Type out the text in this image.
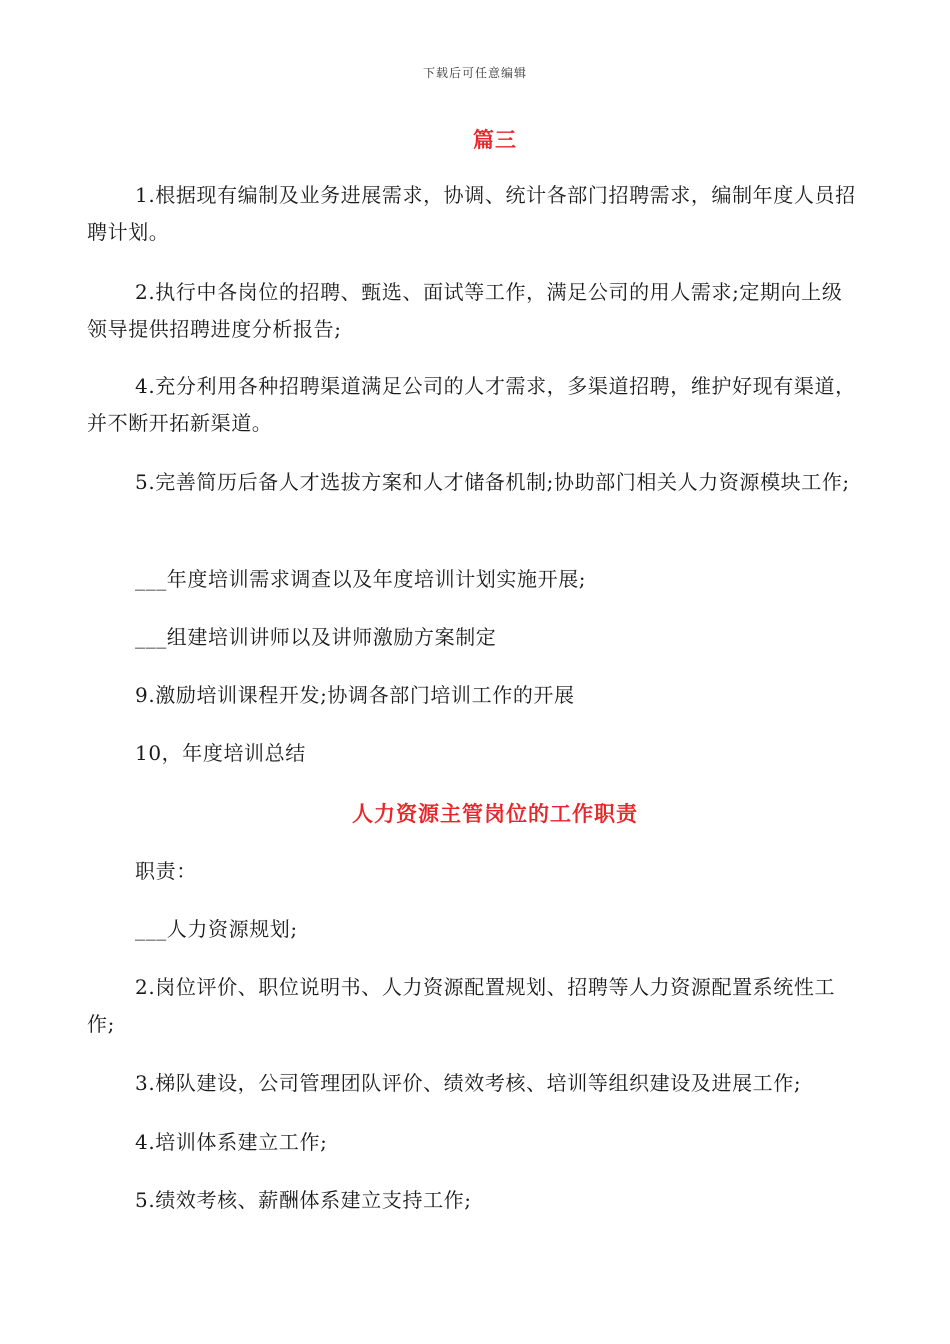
下载后可任意编辑
篇三
1.根据现有编制及业务进展需求，协调、统计各部门招聘需求，编制年度人员招聘计划。
2.执行中各岗位的招聘、甄选、面试等工作，满足公司的用人需求;定期向上级领导提供招聘进度分析报告;
4.充分利用各种招聘渠道满足公司的人才需求，多渠道招聘，维护好现有渠道，并不断开拓新渠道。
5.完善简历后备人才选拔方案和人才储备机制;协助部门相关人力资源模块工作;
___年度培训需求调查以及年度培训计划实施开展;
___组建培训讲师以及讲师激励方案制定
9.激励培训课程开发;协调各部门培训工作的开展
10，年度培训总结
人力资源主管岗位的工作职责
职责：
___人力资源规划;
2.岗位评价、职位说明书、人力资源配置规划、招聘等人力资源配置系统性工作;
3.梯队建设，公司管理团队评价、绩效考核、培训等组织建设及进展工作;
4.培训体系建立工作;
5.绩效考核、薪酬体系建立支持工作;
